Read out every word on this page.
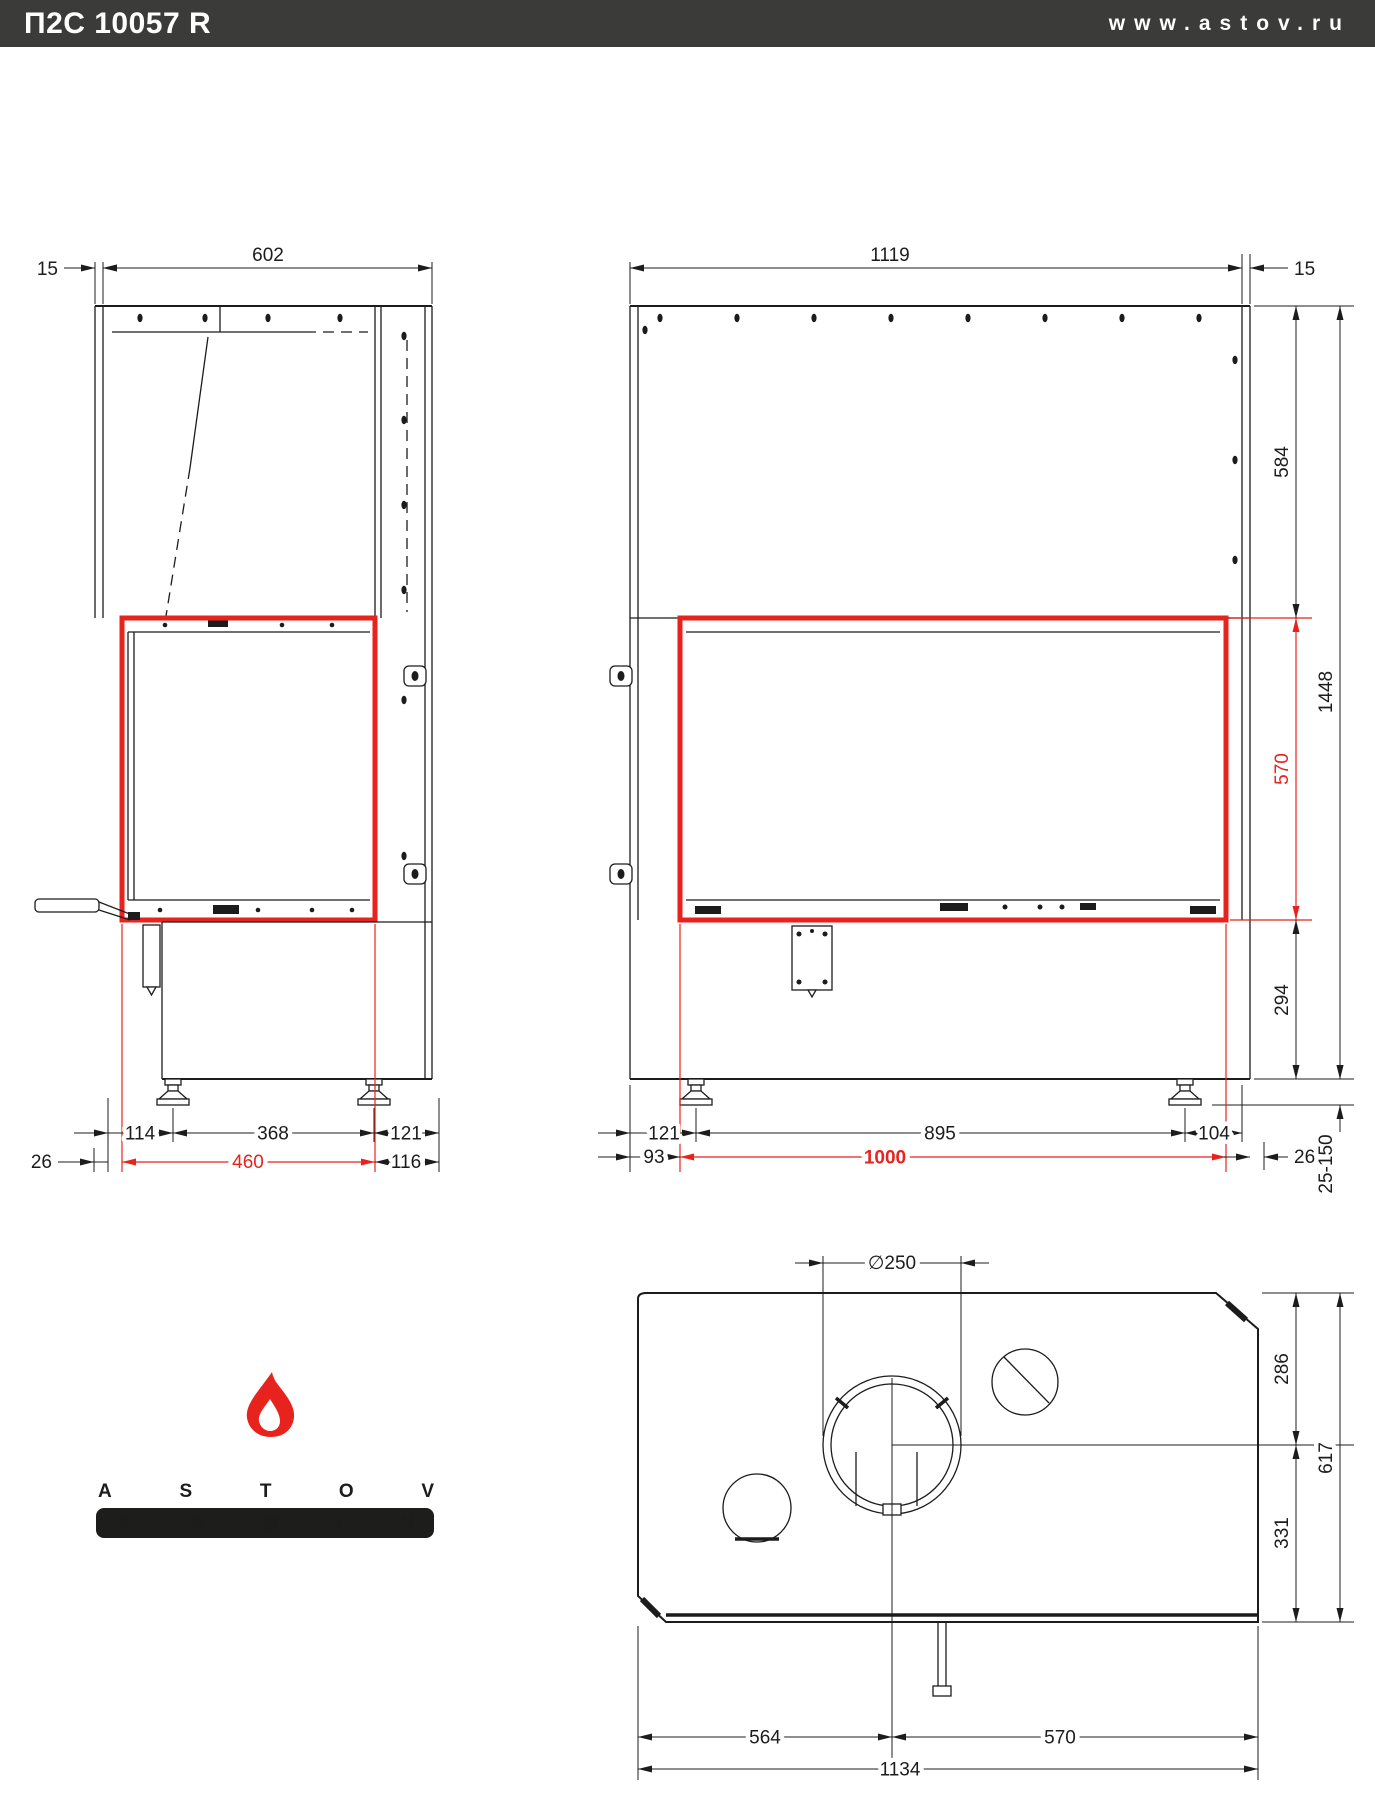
П2С 10057 R	www.astov.ru
15
602
114	368	121
26	460	116
1119
15
584
570
294
1448
25-150
121	895	104
93	1000	26
∅250
286
331
617
564	570
1134
ASTOV
KAMIN
